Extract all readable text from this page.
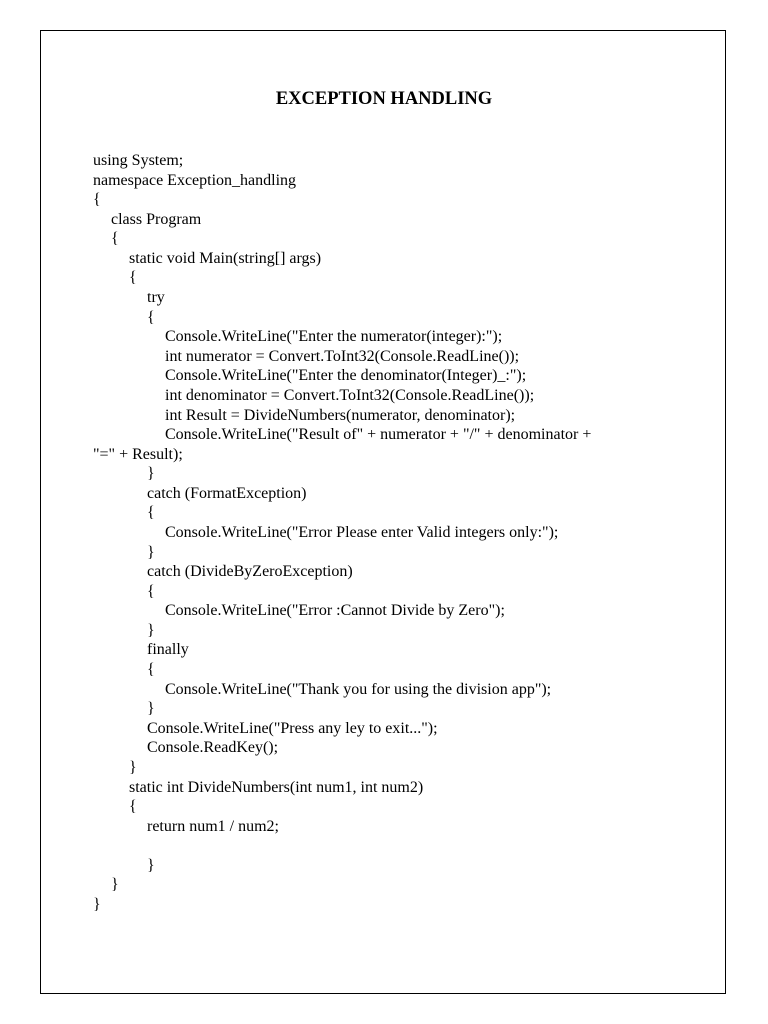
EXCEPTION HANDLING
using System;
namespace Exception_handling
{
class Program
{
static void Main(string[] args)
{
try
{
Console.WriteLine("Enter the numerator(integer):");
int numerator = Convert.ToInt32(Console.ReadLine());
Console.WriteLine("Enter the denominator(Integer)_:");
int denominator = Convert.ToInt32(Console.ReadLine());
int Result = DivideNumbers(numerator, denominator);
Console.WriteLine("Result of" + numerator + "/" + denominator +
"=" + Result);
}
catch (FormatException)
{
Console.WriteLine("Error Please enter Valid integers only:");
}
catch (DivideByZeroException)
{
Console.WriteLine("Error :Cannot Divide by Zero");
}
finally
{
Console.WriteLine("Thank you for using the division app");
}
Console.WriteLine("Press any ley to exit...");
Console.ReadKey();
}
static int DivideNumbers(int num1, int num2)
{
return num1 / num2;
}
}
}
